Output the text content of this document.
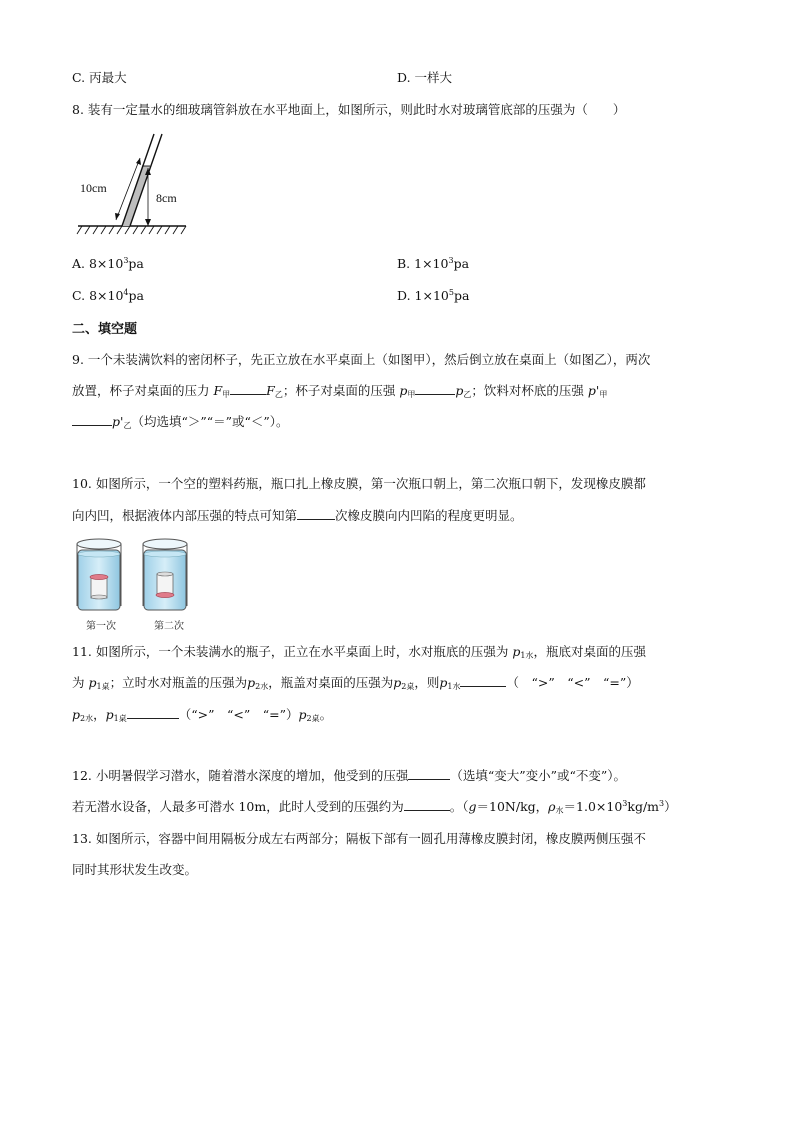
C. 丙最大	D. 一样大
8. 装有一定量水的细玻璃管斜放在水平地面上，如图所示，则此时水对玻璃管底部的压强为（　　）
10cm
8cm
A. $8\times 10^3pa$	B. $1\times 10^3pa$
C. $8\times 10^4pa$	D. $1\times 10^5pa$
二、填空题
9. 一个未装满饮料的密闭杯子，先正立放在水平桌面上（如图甲），然后倒立放在桌面上（如图乙），两次
放置，杯子对桌面的压力 $F_甲$	$F_乙$；杯子对桌面的压强 $p_甲$	$p_乙$；饮料对杯底的压强 $p'_甲$
$p'_乙$（均选填“＞”“＝”或“＜”）。
10. 如图所示，一个空的塑料药瓶，瓶口扎上橡皮膜，第一次瓶口朝上，第二次瓶口朝下，发现橡皮膜都
向内凹，根据液体内部压强的特点可知第	次橡皮膜向内凹陷的程度更明显。
第一次	第二次
11. 如图所示，一个未装满水的瓶子，正立在水平桌面上时，水对瓶底的压强为 $p_{1水}$，瓶底对桌面的压强
为 $p_{1桌}$；立时水对瓶盖的压强为$p_{2水}$，瓶盖对桌面的压强为$p_{2桌}$，则$p_{1水}$	（　“>”　“<”　“=”）
$p_{2水}$，$p_{1桌}$	（“>”　“<”　“$=”)p_{2桌}$。
12. 小明暑假学习潜水，随着潜水深度的增加，他受到的压强	（选填“变大”变小”或“不变”）。
若无潜水设备，人最多可潜水 10m，此时人受到的压强约为	。（g＝10N/kg，$\rho_水=1.0\times 10^3kg/m^3$）
13. 如图所示，容器中间用隔板分成左右两部分；隔板下部有一圆孔用薄橡皮膜封闭，橡皮膜两侧压强不
同时其形状发生改变。
